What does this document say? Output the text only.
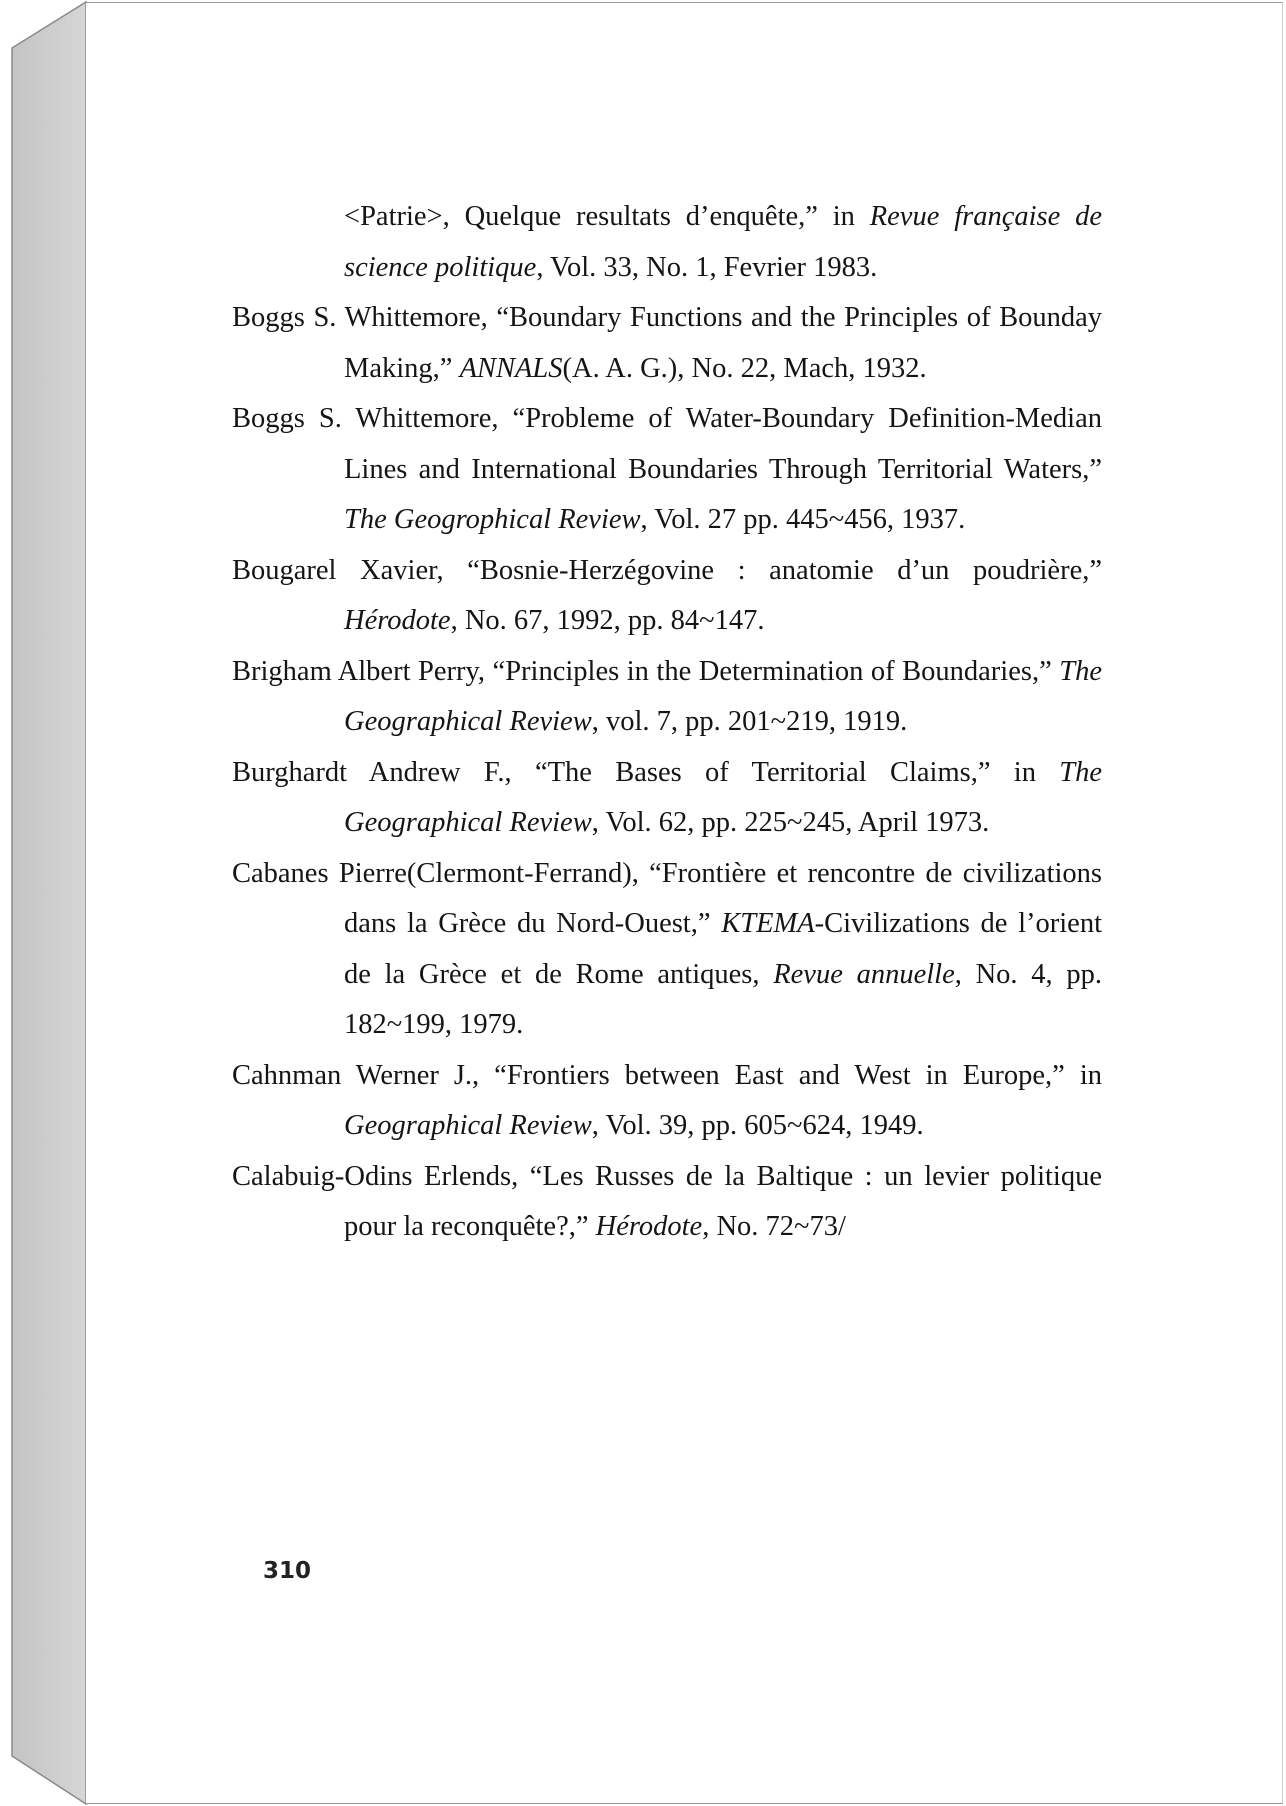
<Patrie>, Quelque resultats d’enquête,” in Revue française de science politique, Vol. 33, No. 1, Fevrier 1983.

Boggs S. Whittemore, “Boundary Functions and the Principles of Bounday Making,” ANNALS(A. A. G.), No. 22, Mach, 1932.

Boggs S. Whittemore, “Probleme of Water-Boundary Definition-Median Lines and International Boundaries Through Territorial Waters,” The Geogrophical Review, Vol. 27 pp. 445~456, 1937.

Bougarel Xavier, “Bosnie-Herzégovine : anatomie d’un poudrière,” Hérodote, No. 67, 1992, pp. 84~147.

Brigham Albert Perry, “Principles in the Determination of Boundaries,” The Geographical Review, vol. 7, pp. 201~219, 1919.

Burghardt Andrew F., “The Bases of Territorial Claims,” in The Geographical Review, Vol. 62, pp. 225~245, April 1973.

Cabanes Pierre(Clermont-Ferrand), “Frontière et rencontre de civilizations dans la Grèce du Nord-Ouest,” KTEMA-Civilizations de l’orient de la Grèce et de Rome antiques, Revue annuelle, No. 4, pp. 182~199, 1979.

Cahnman Werner J., “Frontiers between East and West in Europe,” in Geographical Review, Vol. 39, pp. 605~624, 1949.

Calabuig-Odins Erlends, “Les Russes de la Baltique : un levier politique pour la reconquête?,” Hérodote, No. 72~73/

310
